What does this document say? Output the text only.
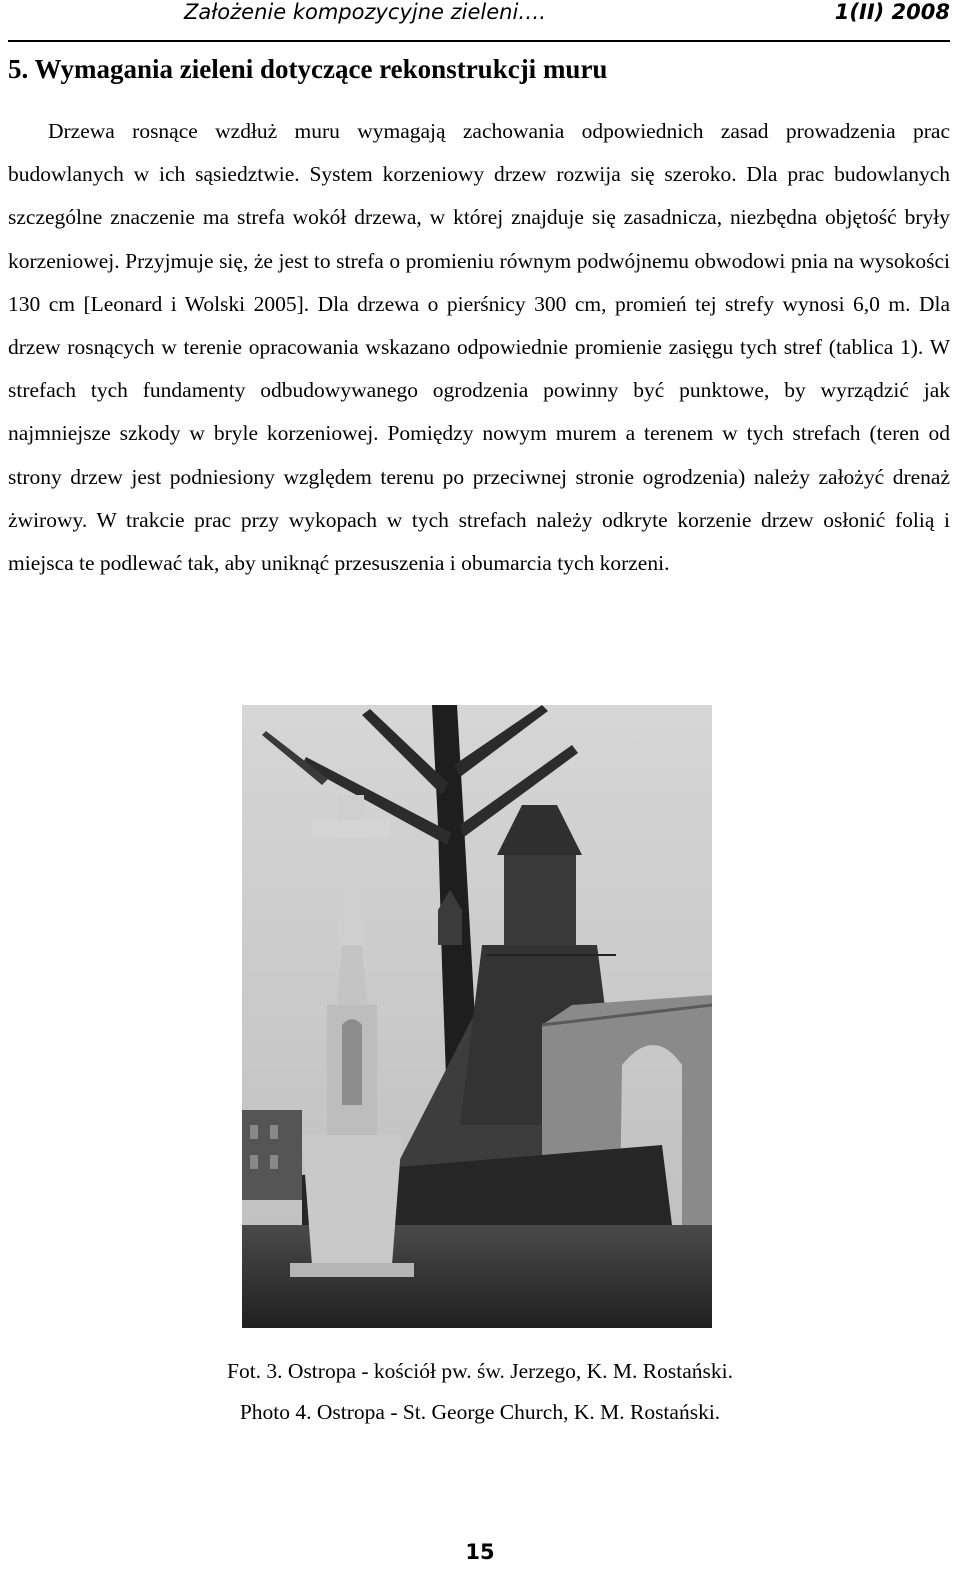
Założenie kompozycyjne zieleni….	1(II) 2008
5. Wymagania zieleni dotyczące rekonstrukcji muru

Drzewa rosnące wzdłuż muru wymagają zachowania odpowiednich zasad prowadzenia prac budowlanych w ich sąsiedztwie. System korzeniowy drzew rozwija się szeroko. Dla prac budowlanych szczególne znaczenie ma strefa wokół drzewa, w której znajduje się zasadnicza, niezbędna objętość bryły korzeniowej. Przyjmuje się, że jest to strefa o promieniu równym podwójnemu obwodowi pnia na wysokości 130 cm [Leonard i Wolski 2005]. Dla drzewa o pierśnicy 300 cm, promień tej strefy wynosi 6,0 m. Dla drzew rosnących w terenie opracowania wskazano odpowiednie promienie zasięgu tych stref (tablica 1). W strefach tych fundamenty odbudowywanego ogrodzenia powinny być punktowe, by wyrządzić jak najmniejsze szkody w bryle korzeniowej. Pomiędzy nowym murem a terenem w tych strefach (teren od strony drzew jest podniesiony względem terenu po przeciwnej stronie ogrodzenia) należy założyć drenaż żwirowy. W trakcie prac przy wykopach w tych strefach należy odkryte korzenie drzew osłonić folią i miejsca te podlewać tak, aby uniknąć przesuszenia i obumarcia tych korzeni.

Fot. 3. Ostropa - kościół pw. św. Jerzego, K. M. Rostański.
Photo 4. Ostropa - St. George Church, K. M. Rostański.
15
